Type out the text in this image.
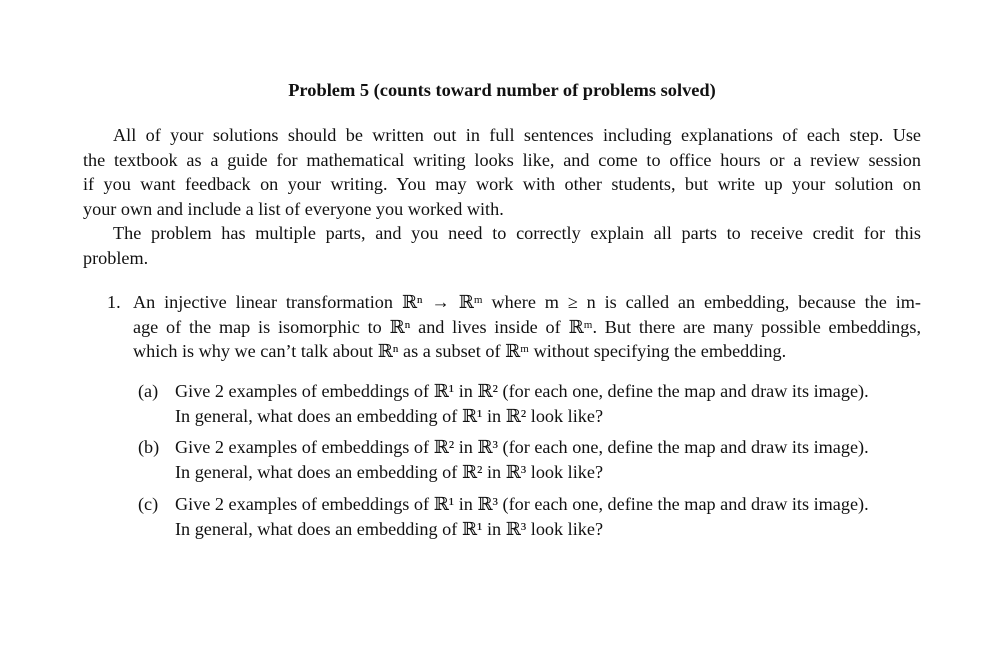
Problem 5 (counts toward number of problems solved)
All of your solutions should be written out in full sentences including explanations of each step. Use
the textbook as a guide for mathematical writing looks like, and come to office hours or a review session
if you want feedback on your writing. You may work with other students, but write up your solution on
your own and include a list of everyone you worked with.
The problem has multiple parts, and you need to correctly explain all parts to receive credit for this
problem.
1. An injective linear transformation ℝⁿ → ℝᵐ where m ≥ n is called an embedding, because the im-
age of the map is isomorphic to ℝⁿ and lives inside of ℝᵐ. But there are many possible embeddings,
which is why we can’t talk about ℝⁿ as a subset of ℝᵐ without specifying the embedding.
(a) Give 2 examples of embeddings of ℝ¹ in ℝ² (for each one, define the map and draw its image).
In general, what does an embedding of ℝ¹ in ℝ² look like?
(b) Give 2 examples of embeddings of ℝ² in ℝ³ (for each one, define the map and draw its image).
In general, what does an embedding of ℝ² in ℝ³ look like?
(c) Give 2 examples of embeddings of ℝ¹ in ℝ³ (for each one, define the map and draw its image).
In general, what does an embedding of ℝ¹ in ℝ³ look like?
